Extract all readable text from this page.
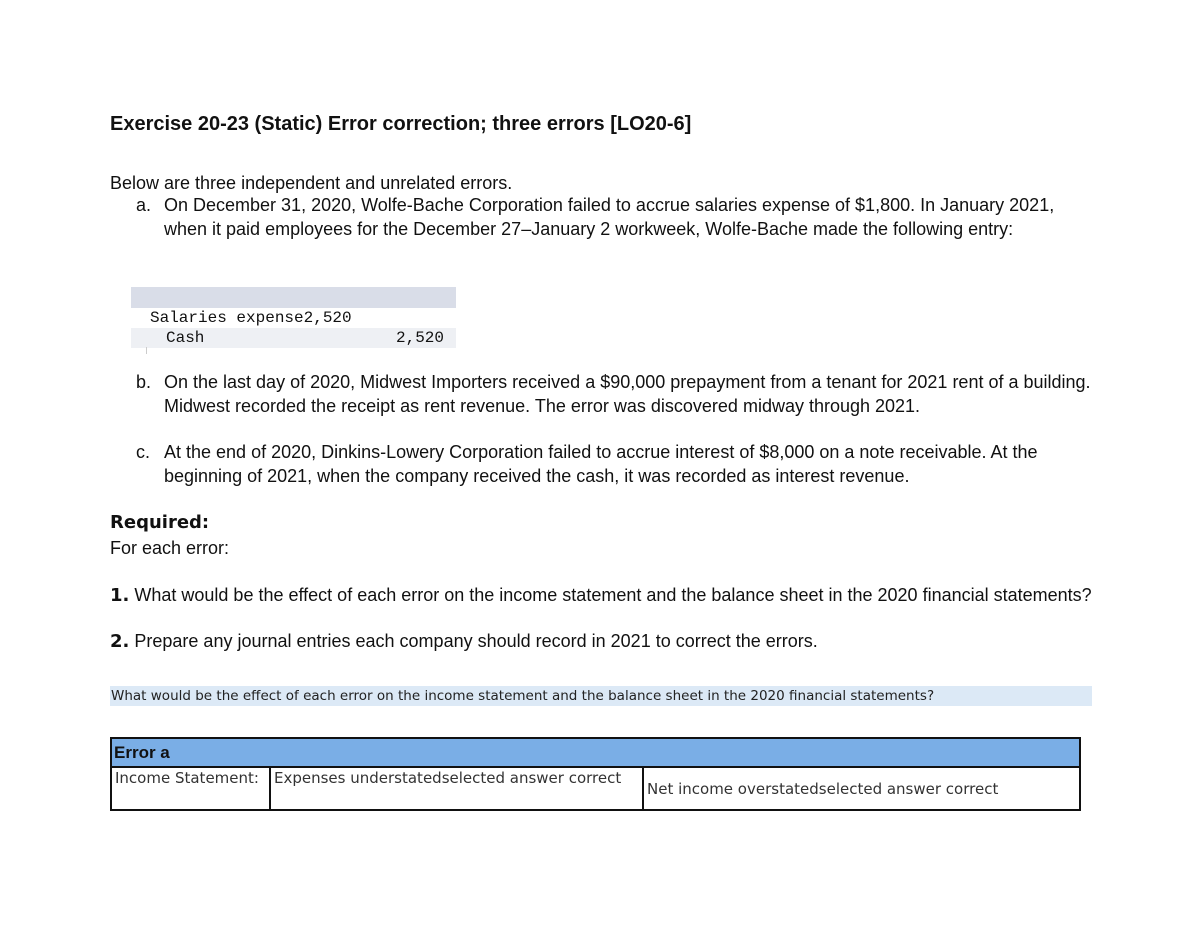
Exercise 20-23 (Static) Error correction; three errors [LO20-6]
Below are three independent and unrelated errors.
a. On December 31, 2020, Wolfe-Bache Corporation failed to accrue salaries expense of $1,800. In January 2021, when it paid employees for the December 27–January 2 workweek, Wolfe-Bache made the following entry:
Salaries expense2,520
Cash	2,520
b. On the last day of 2020, Midwest Importers received a $90,000 prepayment from a tenant for 2021 rent of a building. Midwest recorded the receipt as rent revenue. The error was discovered midway through 2021.
c. At the end of 2020, Dinkins-Lowery Corporation failed to accrue interest of $8,000 on a note receivable. At the beginning of 2021, when the company received the cash, it was recorded as interest revenue.
Required:
For each error:
1. What would be the effect of each error on the income statement and the balance sheet in the 2020 financial statements?
2. Prepare any journal entries each company should record in 2021 to correct the errors.
What would be the effect of each error on the income statement and the balance sheet in the 2020 financial statements?
Error a
Income Statement:	Expenses understatedselected answer correct
Net income overstatedselected answer correct
